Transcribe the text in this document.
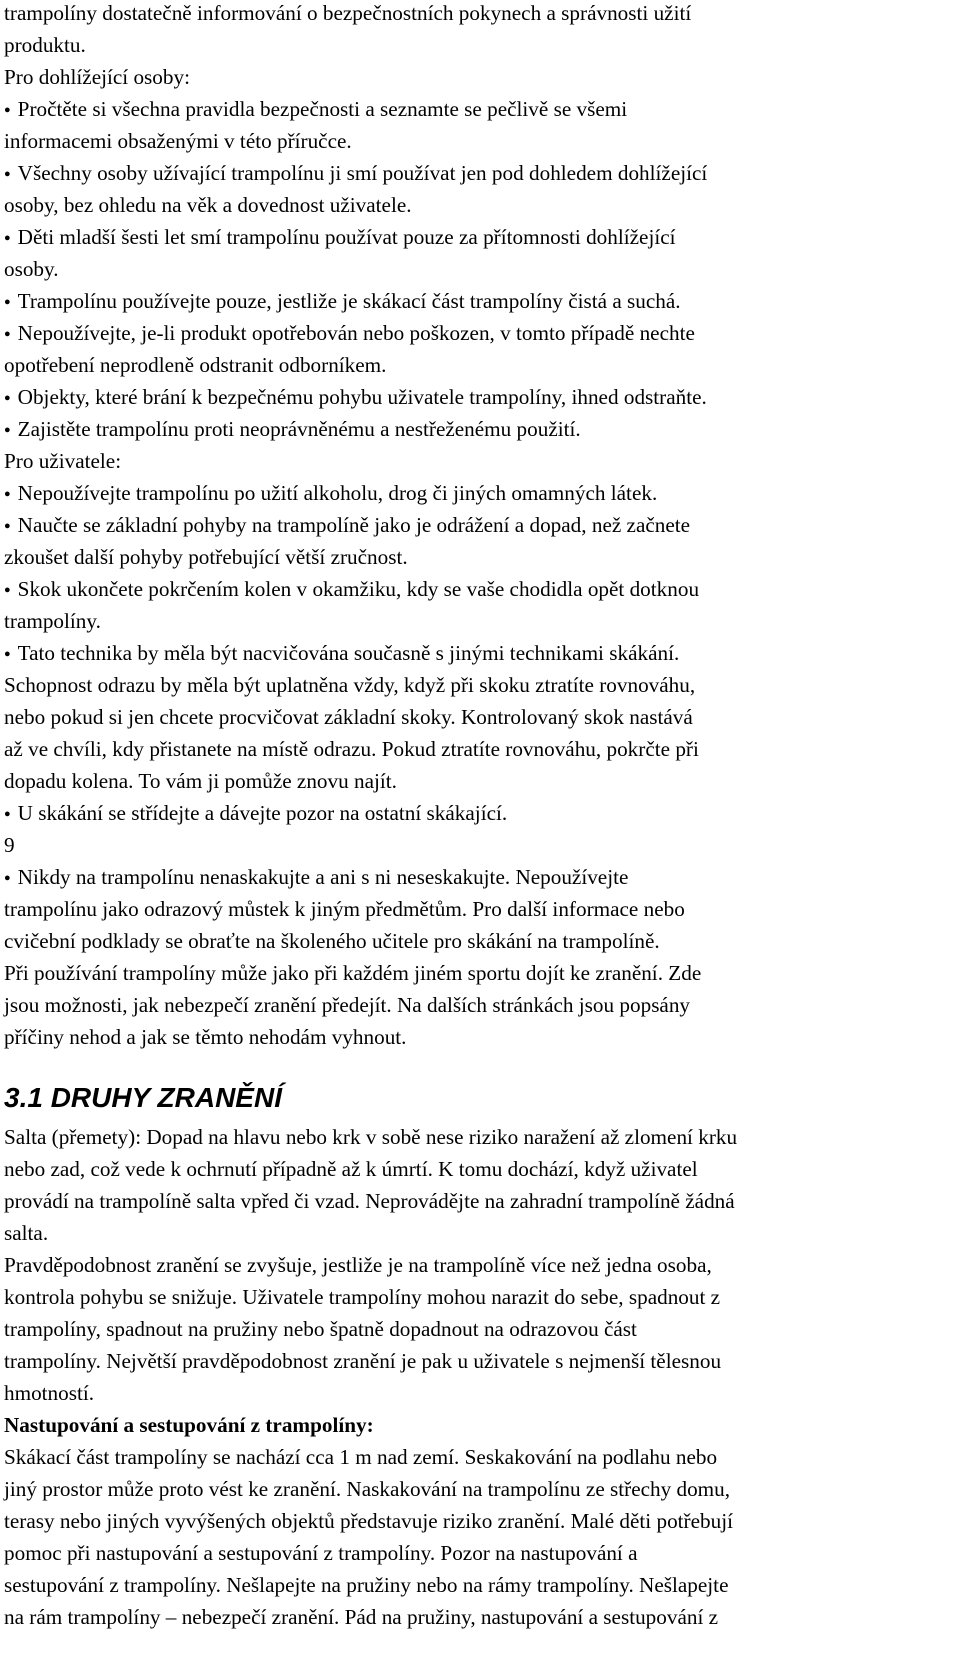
trampolíny dostatečně informování o bezpečnostních pokynech a správnosti užití
produktu.
Pro dohlížející osoby:
● Pročtěte si všechna pravidla bezpečnosti a seznamte se pečlivě se všemi
informacemi obsaženými v této příručce.
● Všechny osoby užívající trampolínu ji smí používat jen pod dohledem dohlížející
osoby, bez ohledu na věk a dovednost uživatele.
● Děti mladší šesti let smí trampolínu používat pouze za přítomnosti dohlížející
osoby.
● Trampolínu používejte pouze, jestliže je skákací část trampolíny čistá a suchá.
● Nepoužívejte, je-li produkt opotřebován nebo poškozen, v tomto případě nechte
opotřebení neprodleně odstranit odborníkem.
● Objekty, které brání k bezpečnému pohybu uživatele trampolíny, ihned odstraňte.
● Zajistěte trampolínu proti neoprávněnému a nestřeženému použití.
Pro uživatele:
● Nepoužívejte trampolínu po užití alkoholu, drog či jiných omamných látek.
● Naučte se základní pohyby na trampolíně jako je odrážení a dopad, než začnete
zkoušet další pohyby potřebující větší zručnost.
● Skok ukončete pokrčením kolen v okamžiku, kdy se vaše chodidla opět dotknou
trampolíny.
● Tato technika by měla být nacvičována současně s jinými technikami skákání.
Schopnost odrazu by měla být uplatněna vždy, když při skoku ztratíte rovnováhu,
nebo pokud si jen chcete procvičovat základní skoky. Kontrolovaný skok nastává
až ve chvíli, kdy přistanete na místě odrazu. Pokud ztratíte rovnováhu, pokrčte při
dopadu kolena. To vám ji pomůže znovu najít.
● U skákání se střídejte a dávejte pozor na ostatní skákající.
9
● Nikdy na trampolínu nenaskakujte a ani s ni neseskakujte. Nepoužívejte
trampolínu jako odrazový můstek k jiným předmětům. Pro další informace nebo
cvičební podklady se obraťte na školeného učitele pro skákání na trampolíně.
Při používání trampolíny může jako při každém jiném sportu dojít ke zranění. Zde
jsou možnosti, jak nebezpečí zranění předejít. Na dalších stránkách jsou popsány
příčiny nehod a jak se těmto nehodám vyhnout.
3.1 DRUHY ZRANĚNÍ
Salta (přemety): Dopad na hlavu nebo krk v sobě nese riziko naražení až zlomení krku
nebo zad, což vede k ochrnutí případně až k úmrtí. K tomu dochází, když uživatel
provádí na trampolíně salta vpřed či vzad. Neprovádějte na zahradní trampolíně žádná
salta.
Pravděpodobnost zranění se zvyšuje, jestliže je na trampolíně více než jedna osoba,
kontrola pohybu se snižuje. Uživatele trampolíny mohou narazit do sebe, spadnout z
trampolíny, spadnout na pružiny nebo špatně dopadnout na odrazovou část
trampolíny. Největší pravděpodobnost zranění je pak u uživatele s nejmenší tělesnou
hmotností.
Nastupování a sestupování z trampolíny:
Skákací část trampolíny se nachází cca 1 m nad zemí. Seskakování na podlahu nebo
jiný prostor může proto vést ke zranění. Naskakování na trampolínu ze střechy domu,
terasy nebo jiných vyvýšených objektů představuje riziko zranění. Malé děti potřebují
pomoc při nastupování a sestupování z trampolíny. Pozor na nastupování a
sestupování z trampolíny. Nešlapejte na pružiny nebo na rámy trampolíny. Nešlapejte
na rám trampolíny – nebezpečí zranění. Pád na pružiny, nastupování a sestupování z
